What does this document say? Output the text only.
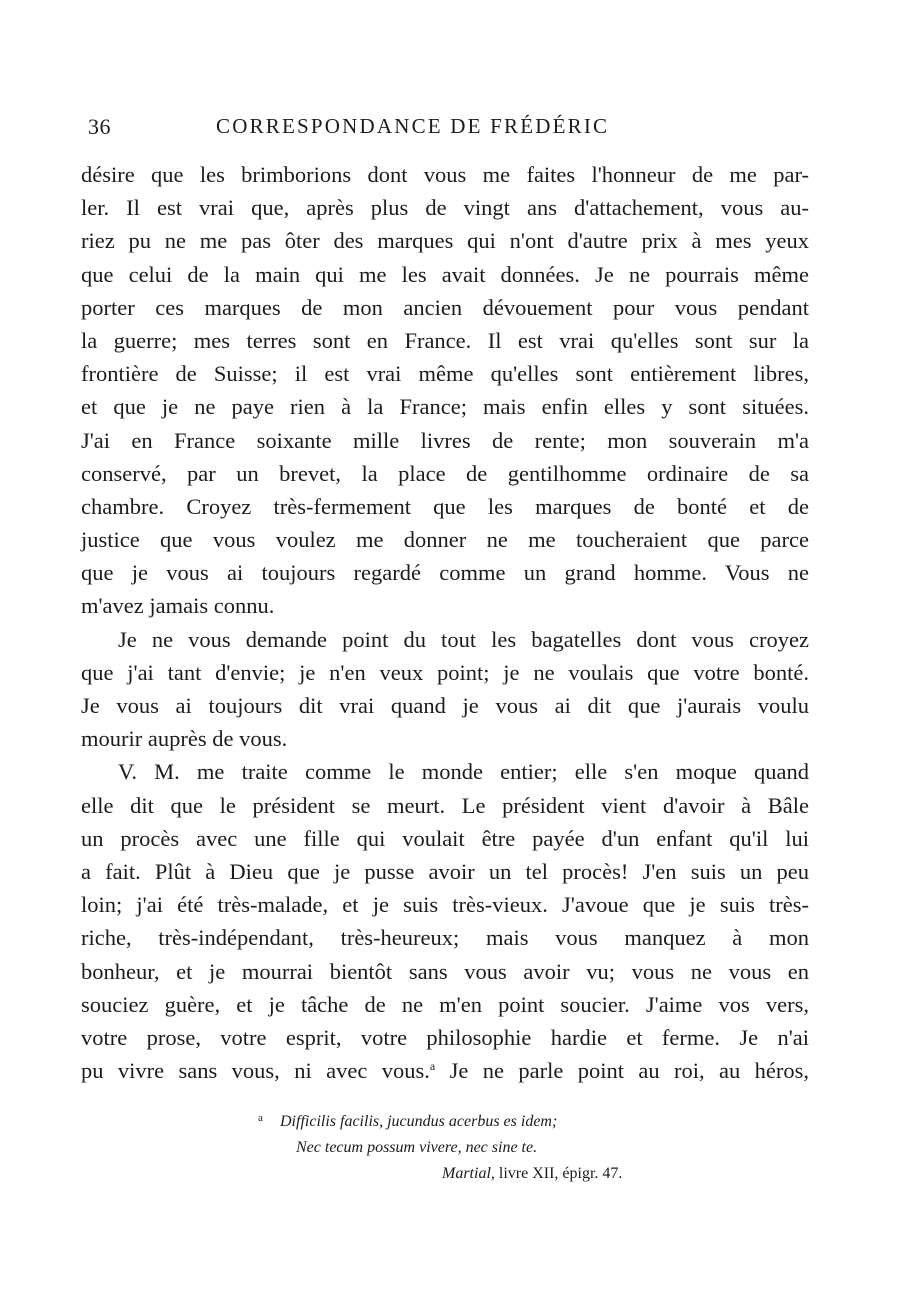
36	CORRESPONDANCE DE FRÉDÉRIC
désire que les brimborions dont vous me faites l'honneur de me par-
ler. Il est vrai que, après plus de vingt ans d'attachement, vous au-
riez pu ne me pas ôter des marques qui n'ont d'autre prix à mes yeux
que celui de la main qui me les avait données. Je ne pourrais même
porter ces marques de mon ancien dévouement pour vous pendant
la guerre; mes terres sont en France. Il est vrai qu'elles sont sur la
frontière de Suisse; il est vrai même qu'elles sont entièrement libres,
et que je ne paye rien à la France; mais enfin elles y sont situées.
J'ai en France soixante mille livres de rente; mon souverain m'a
conservé, par un brevet, la place de gentilhomme ordinaire de sa
chambre. Croyez très-fermement que les marques de bonté et de
justice que vous voulez me donner ne me toucheraient que parce
que je vous ai toujours regardé comme un grand homme. Vous ne
m'avez jamais connu.
Je ne vous demande point du tout les bagatelles dont vous croyez
que j'ai tant d'envie; je n'en veux point; je ne voulais que votre bonté.
Je vous ai toujours dit vrai quand je vous ai dit que j'aurais voulu
mourir auprès de vous.
V. M. me traite comme le monde entier; elle s'en moque quand
elle dit que le président se meurt. Le président vient d'avoir à Bâle
un procès avec une fille qui voulait être payée d'un enfant qu'il lui
a fait. Plût à Dieu que je pusse avoir un tel procès! J'en suis un peu
loin; j'ai été très-malade, et je suis très-vieux. J'avoue que je suis très-
riche, très-indépendant, très-heureux; mais vous manquez à mon
bonheur, et je mourrai bientôt sans vous avoir vu; vous ne vous en
souciez guère, et je tâche de ne m'en point soucier. J'aime vos vers,
votre prose, votre esprit, votre philosophie hardie et ferme. Je n'ai
pu vivre sans vous, ni avec vous.$^a$ Je ne parle point au roi, au héros,
a Difficilis facilis, jucundus acerbus es idem;
Nec tecum possum vivere, nec sine te.
Martial, livre XII, épigr. 47.
